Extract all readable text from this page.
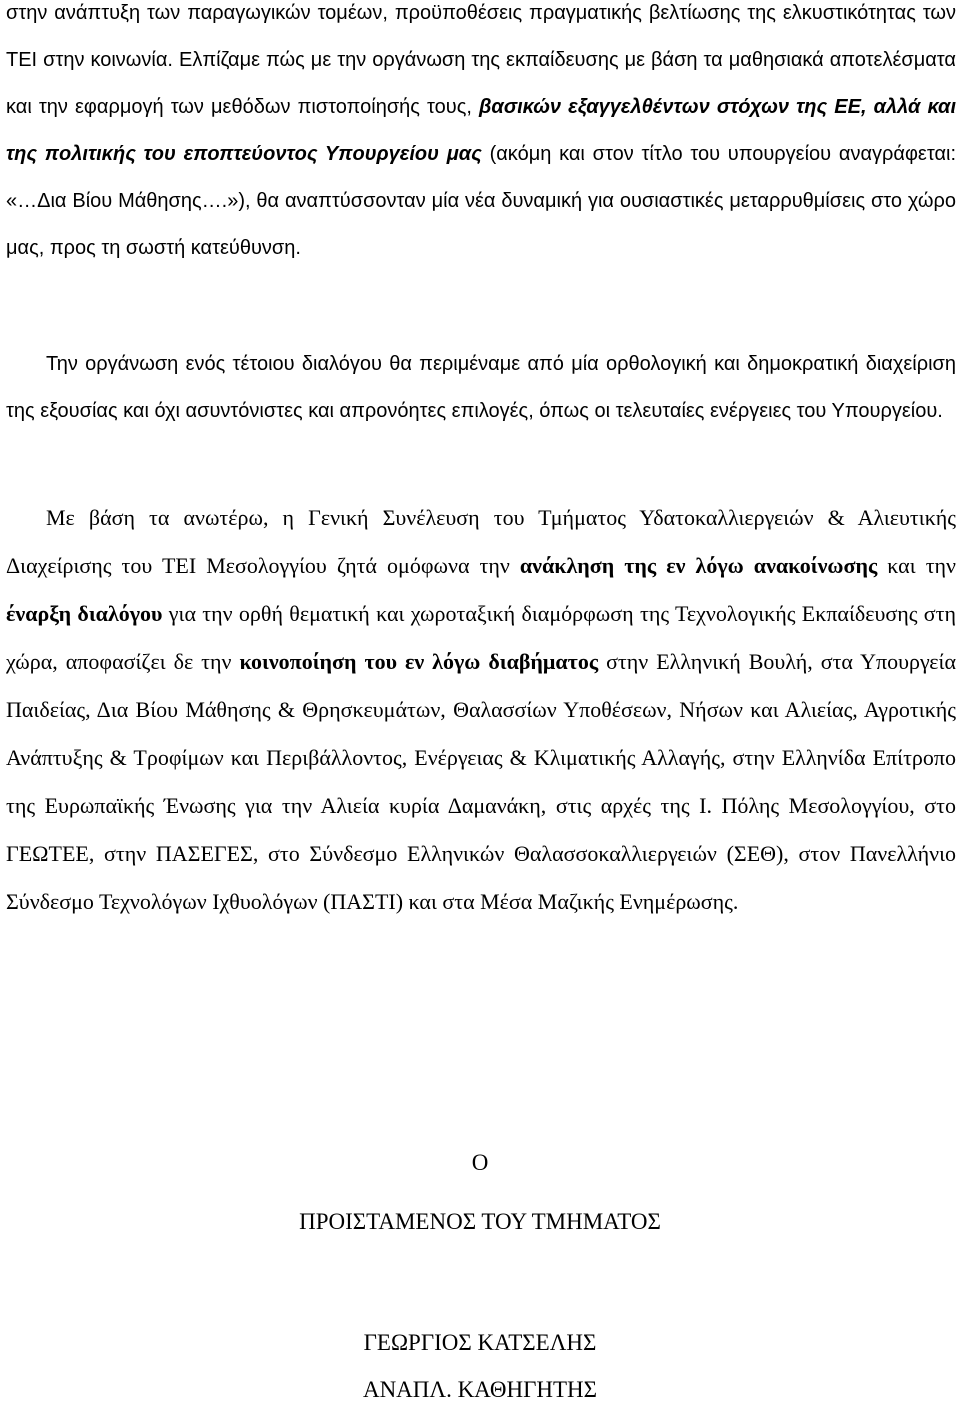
στην ανάπτυξη των παραγωγικών τομέων, προϋποθέσεις πραγματικής βελτίωσης της ελκυστικότητας των ΤΕΙ στην κοινωνία. Ελπίζαμε πώς με την οργάνωση της εκπαίδευσης με βάση τα μαθησιακά αποτελέσματα και την εφαρμογή των μεθόδων πιστοποίησής τους, βασικών εξαγγελθέντων στόχων της ΕΕ, αλλά και της πολιτικής του εποπτεύοντος Υπουργείου μας (ακόμη και στον τίτλο του υπουργείου αναγράφεται: «…Δια Βίου Μάθησης….»), θα αναπτύσσονταν μία νέα δυναμική για ουσιαστικές μεταρρυθμίσεις στο χώρο μας, προς τη σωστή κατεύθυνση.

Την οργάνωση ενός τέτοιου διαλόγου θα περιμέναμε από μία ορθολογική και δημοκρατική διαχείριση της εξουσίας και όχι ασυντόνιστες και απρονόητες επιλογές, όπως οι τελευταίες ενέργειες του Υπουργείου.

Με βάση τα ανωτέρω, η Γενική Συνέλευση του Τμήματος Υδατοκαλλιεργειών & Αλιευτικής Διαχείρισης του ΤΕΙ Μεσολογγίου ζητά ομόφωνα την ανάκληση της εν λόγω ανακοίνωσης και την έναρξη διαλόγου για την ορθή θεματική και χωροταξική διαμόρφωση της Τεχνολογικής Εκπαίδευσης στη χώρα, αποφασίζει δε την κοινοποίηση του εν λόγω διαβήματος στην Ελληνική Βουλή, στα Υπουργεία Παιδείας, Δια Βίου Μάθησης & Θρησκευμάτων, Θαλασσίων Υποθέσεων, Νήσων και Αλιείας, Αγροτικής Ανάπτυξης & Τροφίμων και Περιβάλλοντος, Ενέργειας & Κλιματικής Αλλαγής, στην Ελληνίδα Επίτροπο της Ευρωπαϊκής Ένωσης για την Αλιεία κυρία Δαμανάκη, στις αρχές της Ι. Πόλης Μεσολογγίου, στο ΓΕΩΤΕΕ, στην ΠΑΣΕΓΕΣ, στο Σύνδεσμο Ελληνικών Θαλασσοκαλλιεργειών (ΣΕΘ), στον Πανελλήνιο Σύνδεσμο Τεχνολόγων Ιχθυολόγων (ΠΑΣΤΙ) και στα Μέσα Μαζικής Ενημέρωσης.

Ο
ΠΡΟΙΣΤΑΜΕΝΟΣ ΤΟΥ ΤΜΗΜΑΤΟΣ
ΓΕΩΡΓΙΟΣ ΚΑΤΣΕΛΗΣ
ΑΝΑΠΛ. ΚΑΘΗΓΗΤΗΣ
